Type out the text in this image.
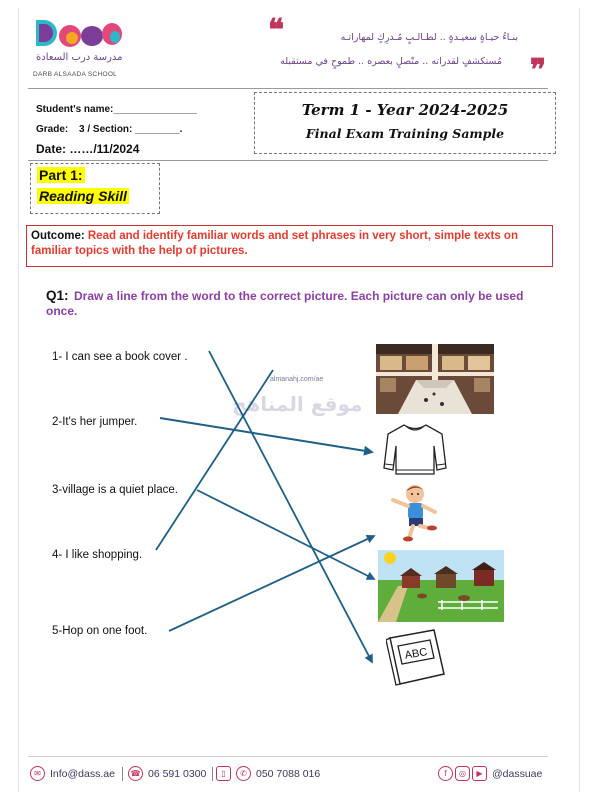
مدرسة درب السعادة
DARB ALSAADA SCHOOL
❝	بنـاءُ حيـاةٍ سعيـدةٍ .. لطـالـبٍ مُـدرِكٍ لمهاراتـه
مُستكشفٍ لقدراته .. متّصلٍ بعصره .. طموحٍ في مستقبله ❞
Student's name:_______________
Grade: 3 / Section: ________.
Date: ……/11/2024
Term 1 - Year 2024-2025
Final Exam Training Sample
Part 1:
Reading Skill
Outcome: Read and identify familiar words and set phrases in very short, simple texts on familiar topics with the help of pictures.
Draw a line from the word to the correct picture. Each picture can only be used once.
Q1:
1- I can see a book cover .
2-It's her jumper.
3-village is a quiet place.
4- I like shopping.
5-Hop on one foot.
almanahj.com/ae
موقع المناهج
ABC
✉ Info@dass.ae	☎ 06 591 0300	▯	✆ 050 7088 016	f	◎	▶ @dassuae
